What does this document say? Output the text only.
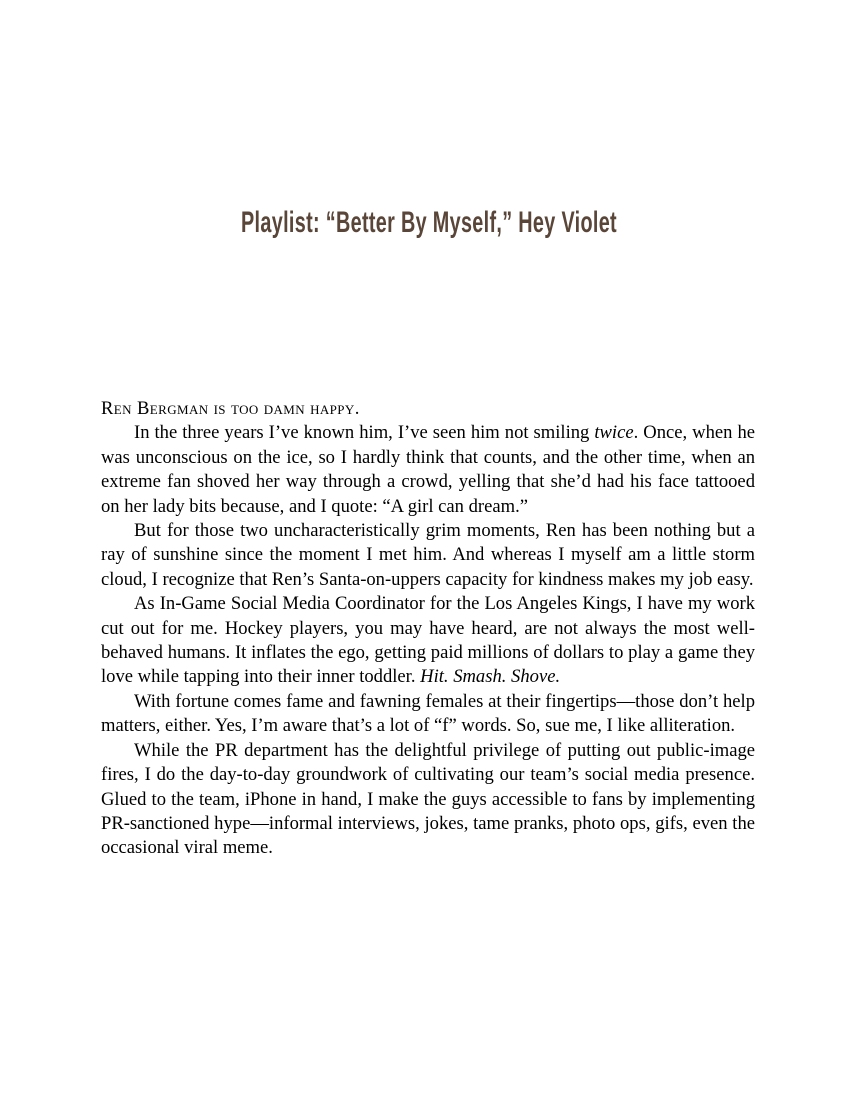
Playlist: “Better By Myself,” Hey Violet

Ren Bergman is too damn happy.

In the three years I’ve known him, I’ve seen him not smiling twice. Once, when he was unconscious on the ice, so I hardly think that counts, and the other time, when an extreme fan shoved her way through a crowd, yelling that she’d had his face tattooed on her lady bits because, and I quote: “A girl can dream.”

But for those two uncharacteristically grim moments, Ren has been nothing but a ray of sunshine since the moment I met him. And whereas I myself am a little storm cloud, I recognize that Ren’s Santa-on-uppers capacity for kindness makes my job easy.

As In-Game Social Media Coordinator for the Los Angeles Kings, I have my work cut out for me. Hockey players, you may have heard, are not always the most well-behaved humans. It inflates the ego, getting paid millions of dollars to play a game they love while tapping into their inner toddler. Hit. Smash. Shove.

With fortune comes fame and fawning females at their fingertips—those don’t help matters, either. Yes, I’m aware that’s a lot of “f” words. So, sue me, I like alliteration.

While the PR department has the delightful privilege of putting out public-image fires, I do the day-to-day groundwork of cultivating our team’s social media presence. Glued to the team, iPhone in hand, I make the guys accessible to fans by implementing PR-sanctioned hype—informal interviews, jokes, tame pranks, photo ops, gifs, even the occasional viral meme.
